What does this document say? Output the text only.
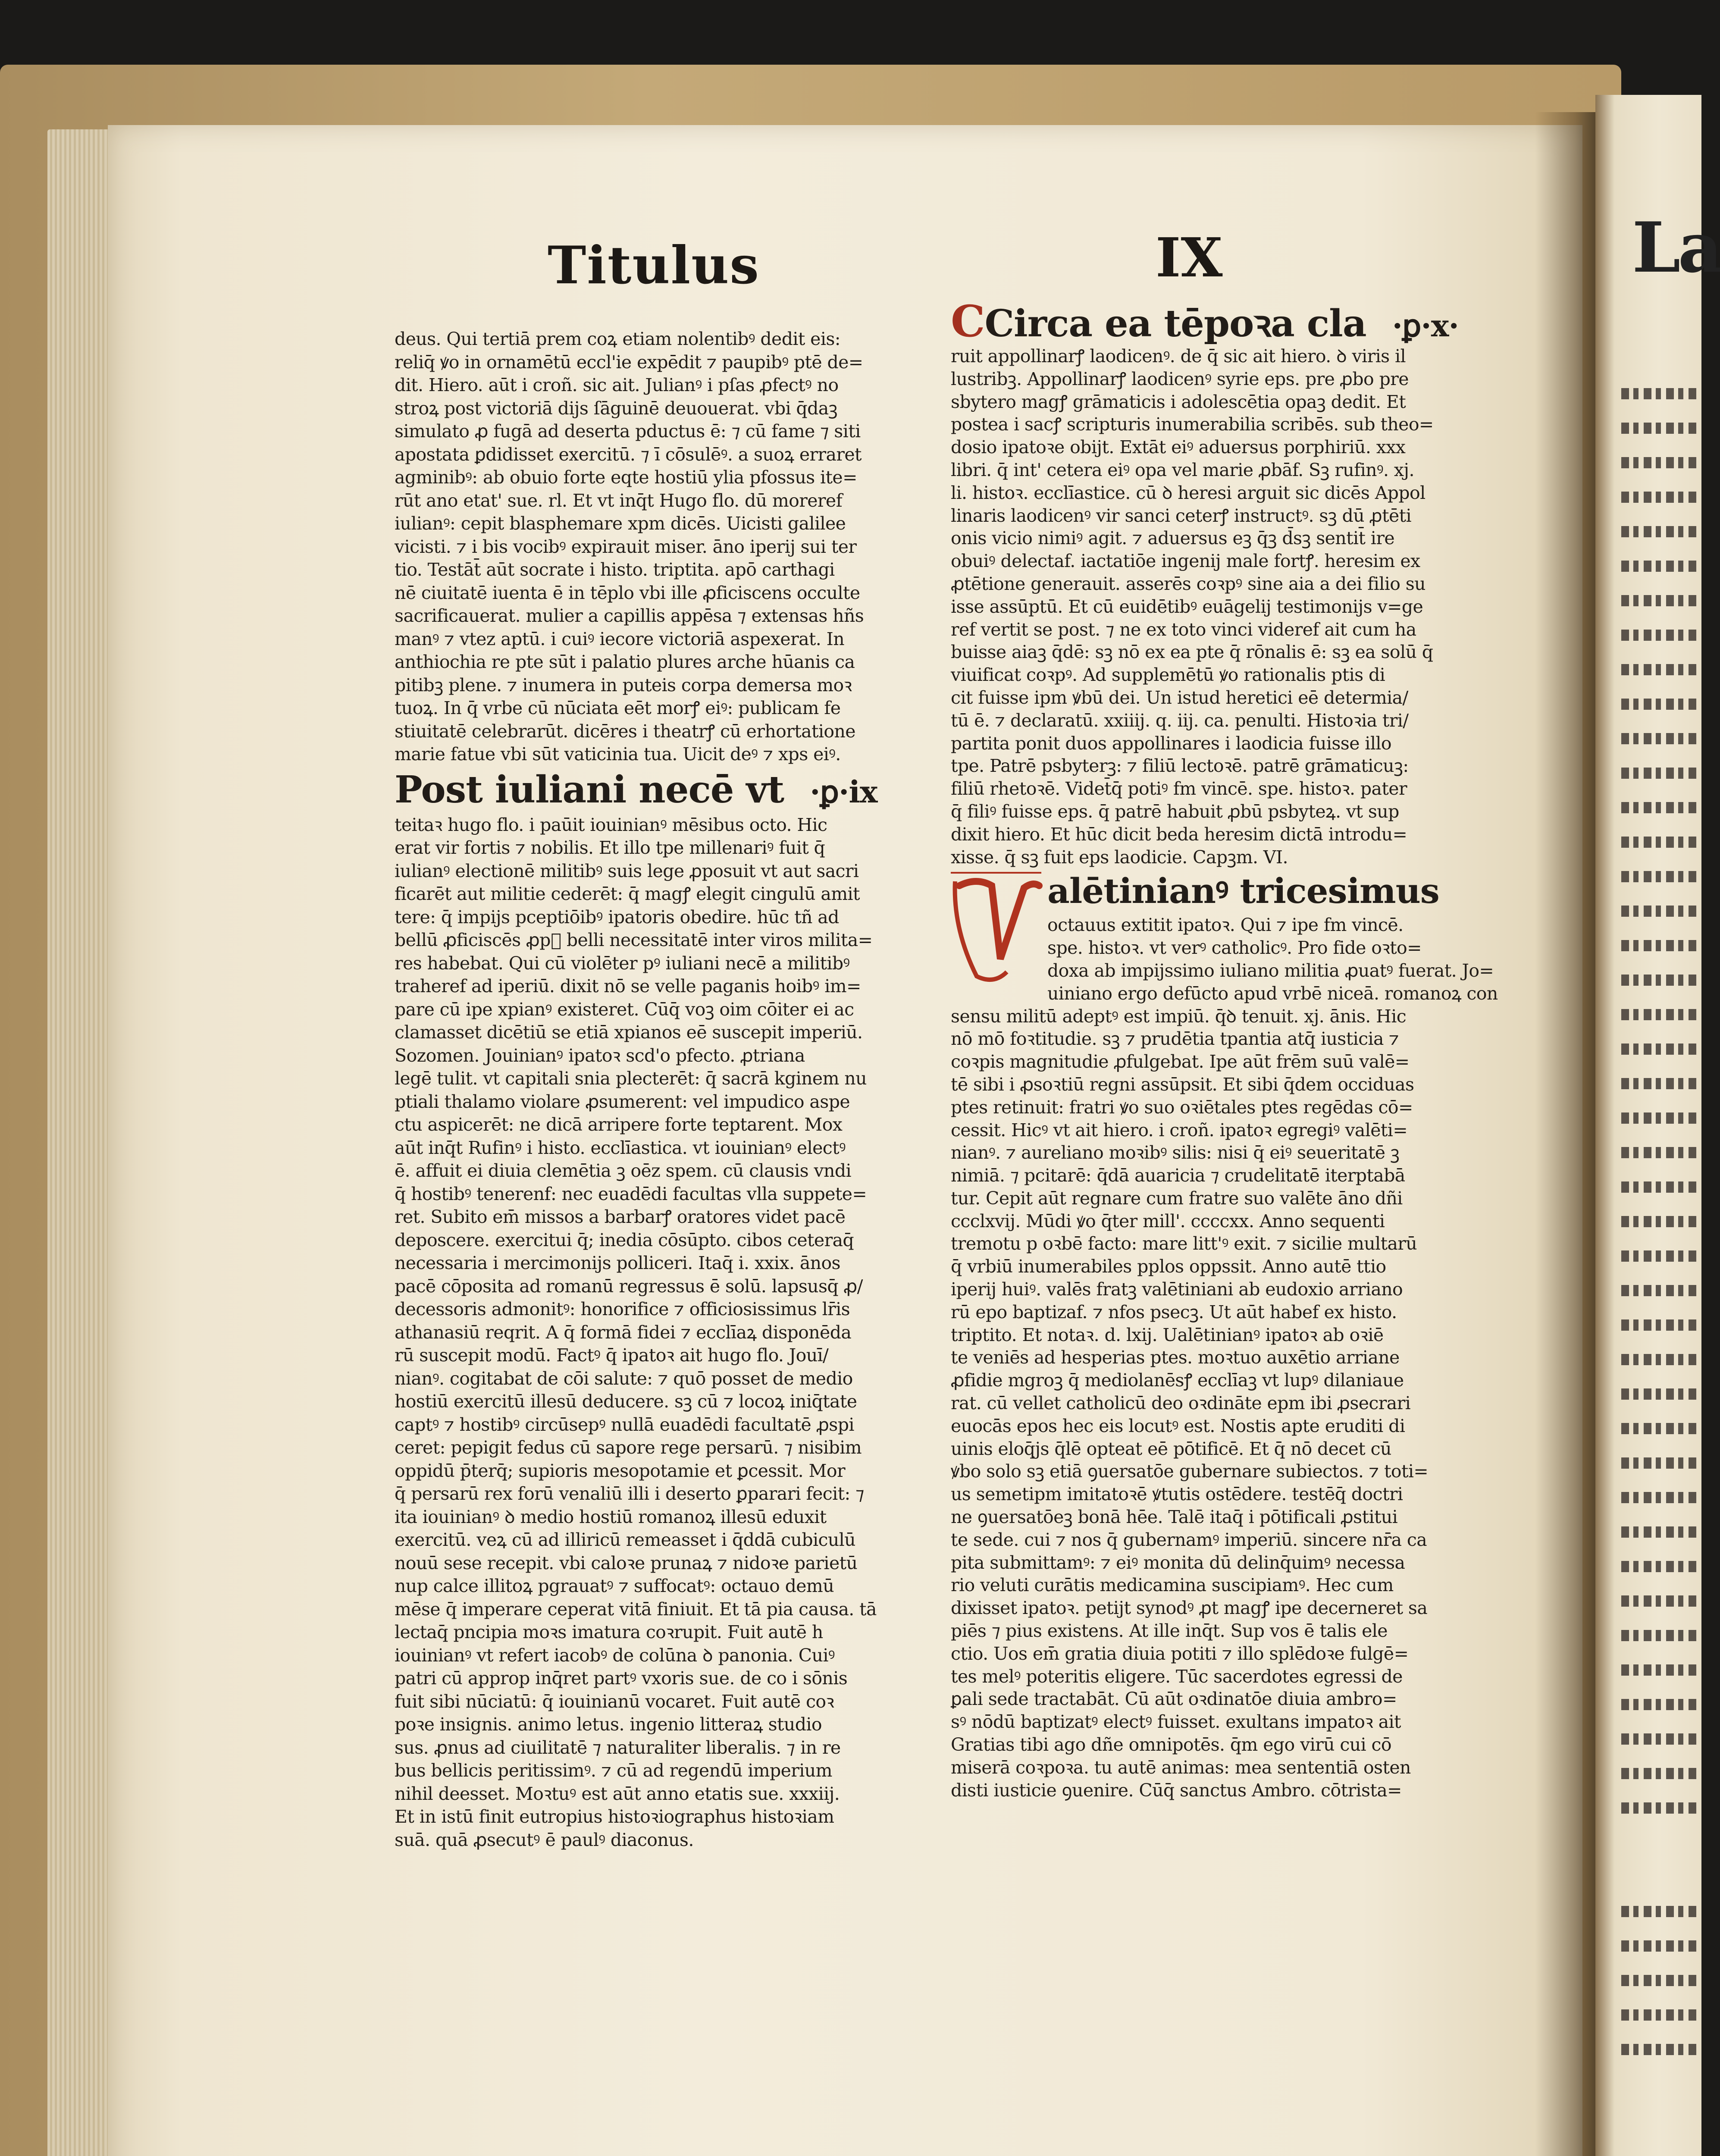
La
Titulus	IX
deus. Qui tertiā prem coꝝ etiam nolentibꝰ dedit eis:
reliq̄ ꝟo in ornamētū eccl'ie expēdit ⁊ paupibꝰ ptē de=
dit. Hiero. aūt i croñ. sic ait. Julianꝰ i pſas ꝓfectꝰ no
stroꝝ post victoriā dijs ſāguinē deuouerat. vbi q̄daꝫ
simulato ꝓ fugā ad deserta pductus ē: ⁊ cū fame ⁊ siti
apostata ꝑdidisset exercitū. ⁊ ī cōsulēꝰ. a suoꝝ erraret
agminibꝰ: ab obuio forte eqte hostiū ylia pfossus ite=
rūt ano etat' sue. rl. Et vt inq̄t Hugo flo. dū moreref
iulianꝰ: cepit blasphemare xpm dicēs. Uicisti galilee
vicisti. ⁊ i bis vocibꝰ expirauit miser. āno iperij sui ter
tio. Testāt̄ aūt socrate i histo. triptita. apō carthagi
nē ciuitatē iuenta ē in tēplo vbi ille ꝓficiscens occulte
sacrificauerat. mulier a capillis appēsa ⁊ extensas hñs
manꝰ ⁊ vtez aptū. i cuiꝰ iecore victoriā aspexerat. In
anthiochia re pte sūt i palatio plures arche hūanis ca
pitibꝫ plene. ⁊ inumera in puteis corpa demersa moꝛ
tuoꝝ. In q̄ vrbe cū nūciata eēt morꝭ eiꝰ: publicam fe
stiuitatē celebrarūt. dicēres i theatrꝭ cū erhortatione
marie fatue vbi sūt vaticinia tua. Uicit deꝰ ⁊ xps eiꝰ.
Post iuliani necē vt ·ꝑ·ix
teitaꝛ hugo flo. i paūit iouinianꝰ mēsibus octo. Hic
erat vir fortis ⁊ nobilis. Et illo tpe millenariꝰ fuit q̄
iulianꝰ electionē militibꝰ suis lege ꝓposuit vt aut sacri
ficarēt aut militie cederēt: q̄ magꝭ elegit cingulū amit
tere: q̄ impijs pceptiōibꝰ ipatoris obedire. hūc tñ ad
bellū ꝓficiscēs ꝓpᷣ belli necessitatē inter viros milita=
res habebat. Qui cū violēter pꝰ iuliani necē a militibꝰ
traheref ad iperiū. dixit nō se velle paganis hoibꝰ im=
pare cū ipe xpianꝰ existeret. Cūq̄ voꝫ oim cōiter ei ac
clamasset dicētiū se etiā xpianos eē suscepit imperiū.
Sozomen. Jouinianꝰ ipatoꝛ scd'o pfecto. ꝓtriana
legē tulit. vt capitali snia plecterēt: q̄ sacrā kginem nu
ptiali thalamo violare ꝓsumerent: vel impudico aspe
ctu aspicerēt: ne dicā arripere forte teptarent. Mox
aūt inq̄t Rufinꝰ i histo. ecclīastica. vt iouinianꝰ electꝰ
ē. affuit ei diuia clemētia ꝫ oēz spem. cū clausis vndi
q̄ hostibꝰ tenerenf: nec euadēdi facultas vlla suppete=
ret. Subito em̄ missos a barbarꝭ oratores videt pacē
deposcere. exercitui q̄; inedia cōsūpto. cibos ceteraq̄
necessaria i mercimonijs polliceri. Itaq̄ i. xxix. ānos
pacē cōposita ad romanū regressus ē solū. lapsusq̄ ꝓ/
decessoris admonitꝰ: honorifice ⁊ officiosissimus lr̄is
athanasiū reqrit. A q̄ formā fidei ⁊ ecclīaꝝ disponēda
rū suscepit modū. Factꝰ q̄ ipatoꝛ ait hugo flo. Jouī/
nianꝰ. cogitabat de cōi salute: ⁊ quō posset de medio
hostiū exercitū illesū deducere. sꝫ cū ⁊ locoꝝ iniq̄tate
captꝰ ⁊ hostibꝰ circūsepꝰ nullā euadēdi facultatē ꝓspi
ceret: pepigit fedus cū sapore rege persarū. ⁊ nisibim
oppidū p̄terq̄; supioris mesopotamie et ꝑcessit. Mor
q̄ persarū rex forū venaliū illi i deserto ꝑparari fecit: ⁊
ita iouinianꝰ ꝺ medio hostiū romanoꝝ illesū eduxit
exercitū. veꝝ cū ad illiricū remeasset i q̄ddā cubiculū
nouū sese recepit. vbi caloꝛe prunaꝝ ⁊ nidoꝛe parietū
nup calce illitoꝝ pgrauatꝰ ⁊ suffocatꝰ: octauo demū
mēse q̄ imperare ceperat vitā finiuit. Et tā pia causa. tā
lectaq̄ pncipia moꝛs imatura coꝛrupit. Fuit autē h
iouinianꝰ vt refert iacobꝰ de colūna ꝺ panonia. Cuiꝰ
patri cū approp inq̄ret partꝰ vxoris sue. de co i sōnis
fuit sibi nūciatū: q̄ iouinianū vocaret. Fuit autē coꝛ
poꝛe insignis. animo letus. ingenio litteraꝝ studio
sus. ꝓnus ad ciuilitatē ⁊ naturaliter liberalis. ⁊ in re
bus bellicis peritissimꝰ. ⁊ cū ad regendū imperium
nihil deesset. Moꝛtuꝰ est aūt anno etatis sue. xxxiij.
Et in istū finit eutropius histoꝛiographus histoꝛiam
suā. quā ꝓsecutꝰ ē paulꝰ diaconus.
CCirca ea tēpoꝛa cla ·ꝑ·x·
ruit appollinarꝭ laodicenꝰ. de q̄ sic ait hiero. ꝺ viris il
lustribꝫ. Appollinarꝭ laodicenꝰ syrie eps. pre ꝓbo pre
sbytero magꝭ grāmaticis i adolescētia opaꝫ dedit. Et
postea i sacꝭ scripturis inumerabilia scribēs. sub theo=
dosio ipatoꝛe obijt. Extāt eiꝰ aduersus porphiriū. xxx
libri. q̄ int' cetera eiꝰ opa vel marie ꝓbāf. Sꝫ rufinꝰ. xj.
li. histoꝛ. ecclīastice. cū ꝺ heresi arguit sic dicēs Appol
linaris laodicenꝰ vir sanci ceterꝭ instructꝰ. sꝫ dū ꝓtēti
onis vicio nimiꝰ agit. ⁊ aduersus eꝫ q̄ꝫ d̄sꝫ sentit̄ ire
obuiꝰ delectaf. iactatiōe ingenij male fortꝭ. heresim ex
ꝓtētione generauit. asserēs coꝛpꝰ sine aia a dei filio su
isse assūptū. Et cū euidētibꝰ euāgelij testimonijs v=ge
ref vertit se post. ⁊ ne ex toto vinci videref ait cum ha
buisse aiaꝫ q̄dē: sꝫ nō ex ea pte q̄ rōnalis ē: sꝫ ea solū q̄
viuificat coꝛpꝰ. Ad supplemētū ꝟo rationalis ptis di
cit fuisse ipm ꝟbū dei. Un istud heretici eē determia/
tū ē. ⁊ declaratū. xxiiij. q. iij. ca. penulti. Histoꝛia tri/
partita ponit duos appollinares i laodicia fuisse illo
tpe. Patrē psbyterꝫ: ⁊ filiū lectoꝛē. patrē grāmaticuꝫ:
filiū rhetoꝛē. Videt̄q̄ potiꝰ fm vincē. spe. histoꝛ. pater
q̄ filiꝰ fuisse eps. q̄ patrē habuit ꝓbū psbyteꝝ. vt sup
dixit hiero. Et hūc dicit beda heresim dictā introdu=
xisse. q̄ sꝫ fuit eps laodicie. Capꝫm. VI.
alētinianꝰ tricesimus
octauus extitit ipatoꝛ. Qui ⁊ ipe fm vincē.
spe. histoꝛ. vt verꝰ catholicꝰ. Pro fide oꝛto=
doxa ab impijssimo iuliano militia ꝓuatꝰ fuerat. Jo=
uiniano ergo defūcto apud vrbē niceā. romanoꝝ con
sensu militū adeptꝰ est impiū. q̄ꝺ tenuit. xj. ānis. Hic
nō mō foꝛtitudie. sꝫ ⁊ prudētia tpantia atq̄ iusticia ⁊
coꝛpis magnitudie ꝓfulgebat. Ipe aūt frēm suū valē=
tē sibi i ꝓsoꝛtiū regni assūpsit. Et sibi q̄dem occiduas
ptes retinuit: fratri ꝟo suo oꝛiētales ptes regēdas cō=
cessit. Hicꝰ vt ait hiero. i croñ. ipatoꝛ egregiꝰ valēti=
nianꝰ. ⁊ aureliano moꝛibꝰ silis: nisi q̄ eiꝰ seueritatē ꝫ
nimiā. ⁊ pcitarē: q̄dā auaricia ⁊ crudelitatē iterptabā
tur. Cepit aūt regnare cum fratre suo valēte āno dñi
ccclxvij. Mūdi ꝟo q̄ter mill'. ccccxx. Anno sequenti
tremotu p oꝛbē facto: mare litt'ꝰ exit. ⁊ sicilie multarū
q̄ vrbiū inumerabiles pplos oppssit. Anno autē ttio
iperij huiꝰ. valēs fratꝫ valētiniani ab eudoxio arriano
rū epo baptizaf. ⁊ nfos psecꝫ. Ut aūt habef ex histo.
triptito. Et notaꝛ. d. lxij. Ualētinianꝰ ipatoꝛ ab oꝛiē
te veniēs ad hesperias ptes. moꝛtuo auxētio arriane
ꝓfidie mgroꝫ q̄ mediolanēsꝭ ecclīaꝫ vt lupꝰ dilaniaue
rat. cū vellet catholicū deo oꝛdināte epm ibi ꝓsecrari
euocās epos hec eis locutꝰ est. Nostis apte eruditi di
uinis eloq̄js q̄lē opteat eē pōtificē. Et q̄ nō decet cū
ꝟbo solo sꝫ etiā ꝯuersatōe gubernare subiectos. ⁊ toti=
us semetipm imitatoꝛē ꝟtutis ostēdere. testēq̄ doctri
ne ꝯuersatōeꝫ bonā hēe. Talē itaq̄ i pōtificali ꝓstitui
te sede. cui ⁊ nos q̄ gubernamꝰ imperiū. sincere nr̄a ca
pita submittamꝰ: ⁊ eiꝰ monita dū delinq̄uimꝰ necessa
rio veluti curātis medicamina suscipiamꝰ. Hec cum
dixisset ipatoꝛ. petijt synodꝰ ꝓt magꝭ ipe decerneret sa
piēs ⁊ pius existens. At ille inq̄t. Sup vos ē talis ele
ctio. Uos em̄ gratia diuia potiti ⁊ illo splēdoꝛe fulgē=
tes melꝰ poteritis eligere. Tūc sacerdotes egressi de
ꝑali sede tractabāt. Cū aūt oꝛdinatōe diuia ambro=
sꝰ nōdū baptizatꝰ electꝰ fuisset. exultans impatoꝛ ait
Gratias tibi ago dñe omnipotēs. q̄m ego virū cui cō
miserā coꝛpoꝛa. tu autē animas: mea sententiā osten
disti iusticie ꝯuenire. Cūq̄ sanctus Ambro. cōtrista=
